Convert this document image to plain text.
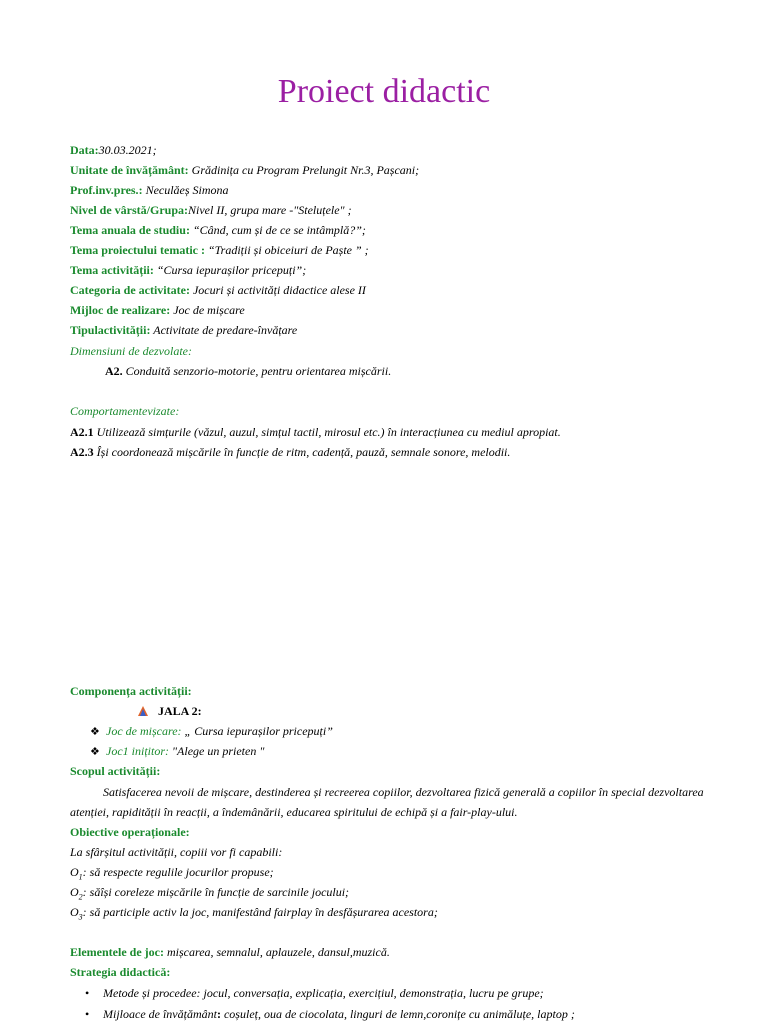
Proiect didactic
Data:30.03.2021;
Unitate de învățământ: Grădinița cu Program Prelungit Nr.3, Pașcani;
Prof.inv.pres.: Neculăeș Simona
Nivel de vârstă/Grupa:Nivel II, grupa mare -"Steluțele" ;
Tema anuala de studiu: “Când, cum și de ce se intâmplă?”;
Tema proiectului tematic : “Tradiții și obiceiuri de Paște ” ;
Tema activității: “Cursa iepurașilor pricepuți”;
Categoria de activitate: Jocuri și activități didactice alese II
Mijloc de realizare: Joc de mișcare
Tipulactivității: Activitate de predare-învățare
Dimensiuni de dezvolate:
A2. Conduită senzorio-motorie, pentru orientarea mișcării.
Comportamentevizate:
A2.1 Utilizează simțurile (văzul, auzul, simțul tactil, mirosul etc.) în interacțiunea cu mediul apropiat.
A2.3 Își coordonează mișcările în funcție de ritm, cadență, pauză, semnale sonore, melodii.
Componența activității:
JALA 2:
❖ Joc de mișcare: „ Cursa iepurașilor pricepuți”
❖ Joc1 inițitor: "Alege un prieten "
Scopul activității:
Satisfacerea nevoii de mișcare, destinderea și recreerea copiilor, dezvoltarea fizică generală a copiilor în special dezvoltarea
atenției, rapidității în reacții, a îndemânării, educarea spiritului de echipă și a fair-play-ului.
Obiective operaționale:
La sfârșitul activității, copiii vor fi capabili:
$O_1$: să respecte regulile jocurilor propuse;
$O_2$: săîși coreleze mișcările în funcție de sarcinile jocului;
$O_3$: să participle activ la joc, manifestând fairplay în desfășurarea acestora;
Elementele de joc: mișcarea, semnalul, aplauzele, dansul,muzică.
Strategia didactică:
• Metode și procedee: jocul, conversația, explicația, exercițiul, demonstrația, lucru pe grupe;
• Mijloace de învățământ: coșuleț, oua de ciocolata, linguri de lemn,coronițe cu animăluțe, laptop ;
